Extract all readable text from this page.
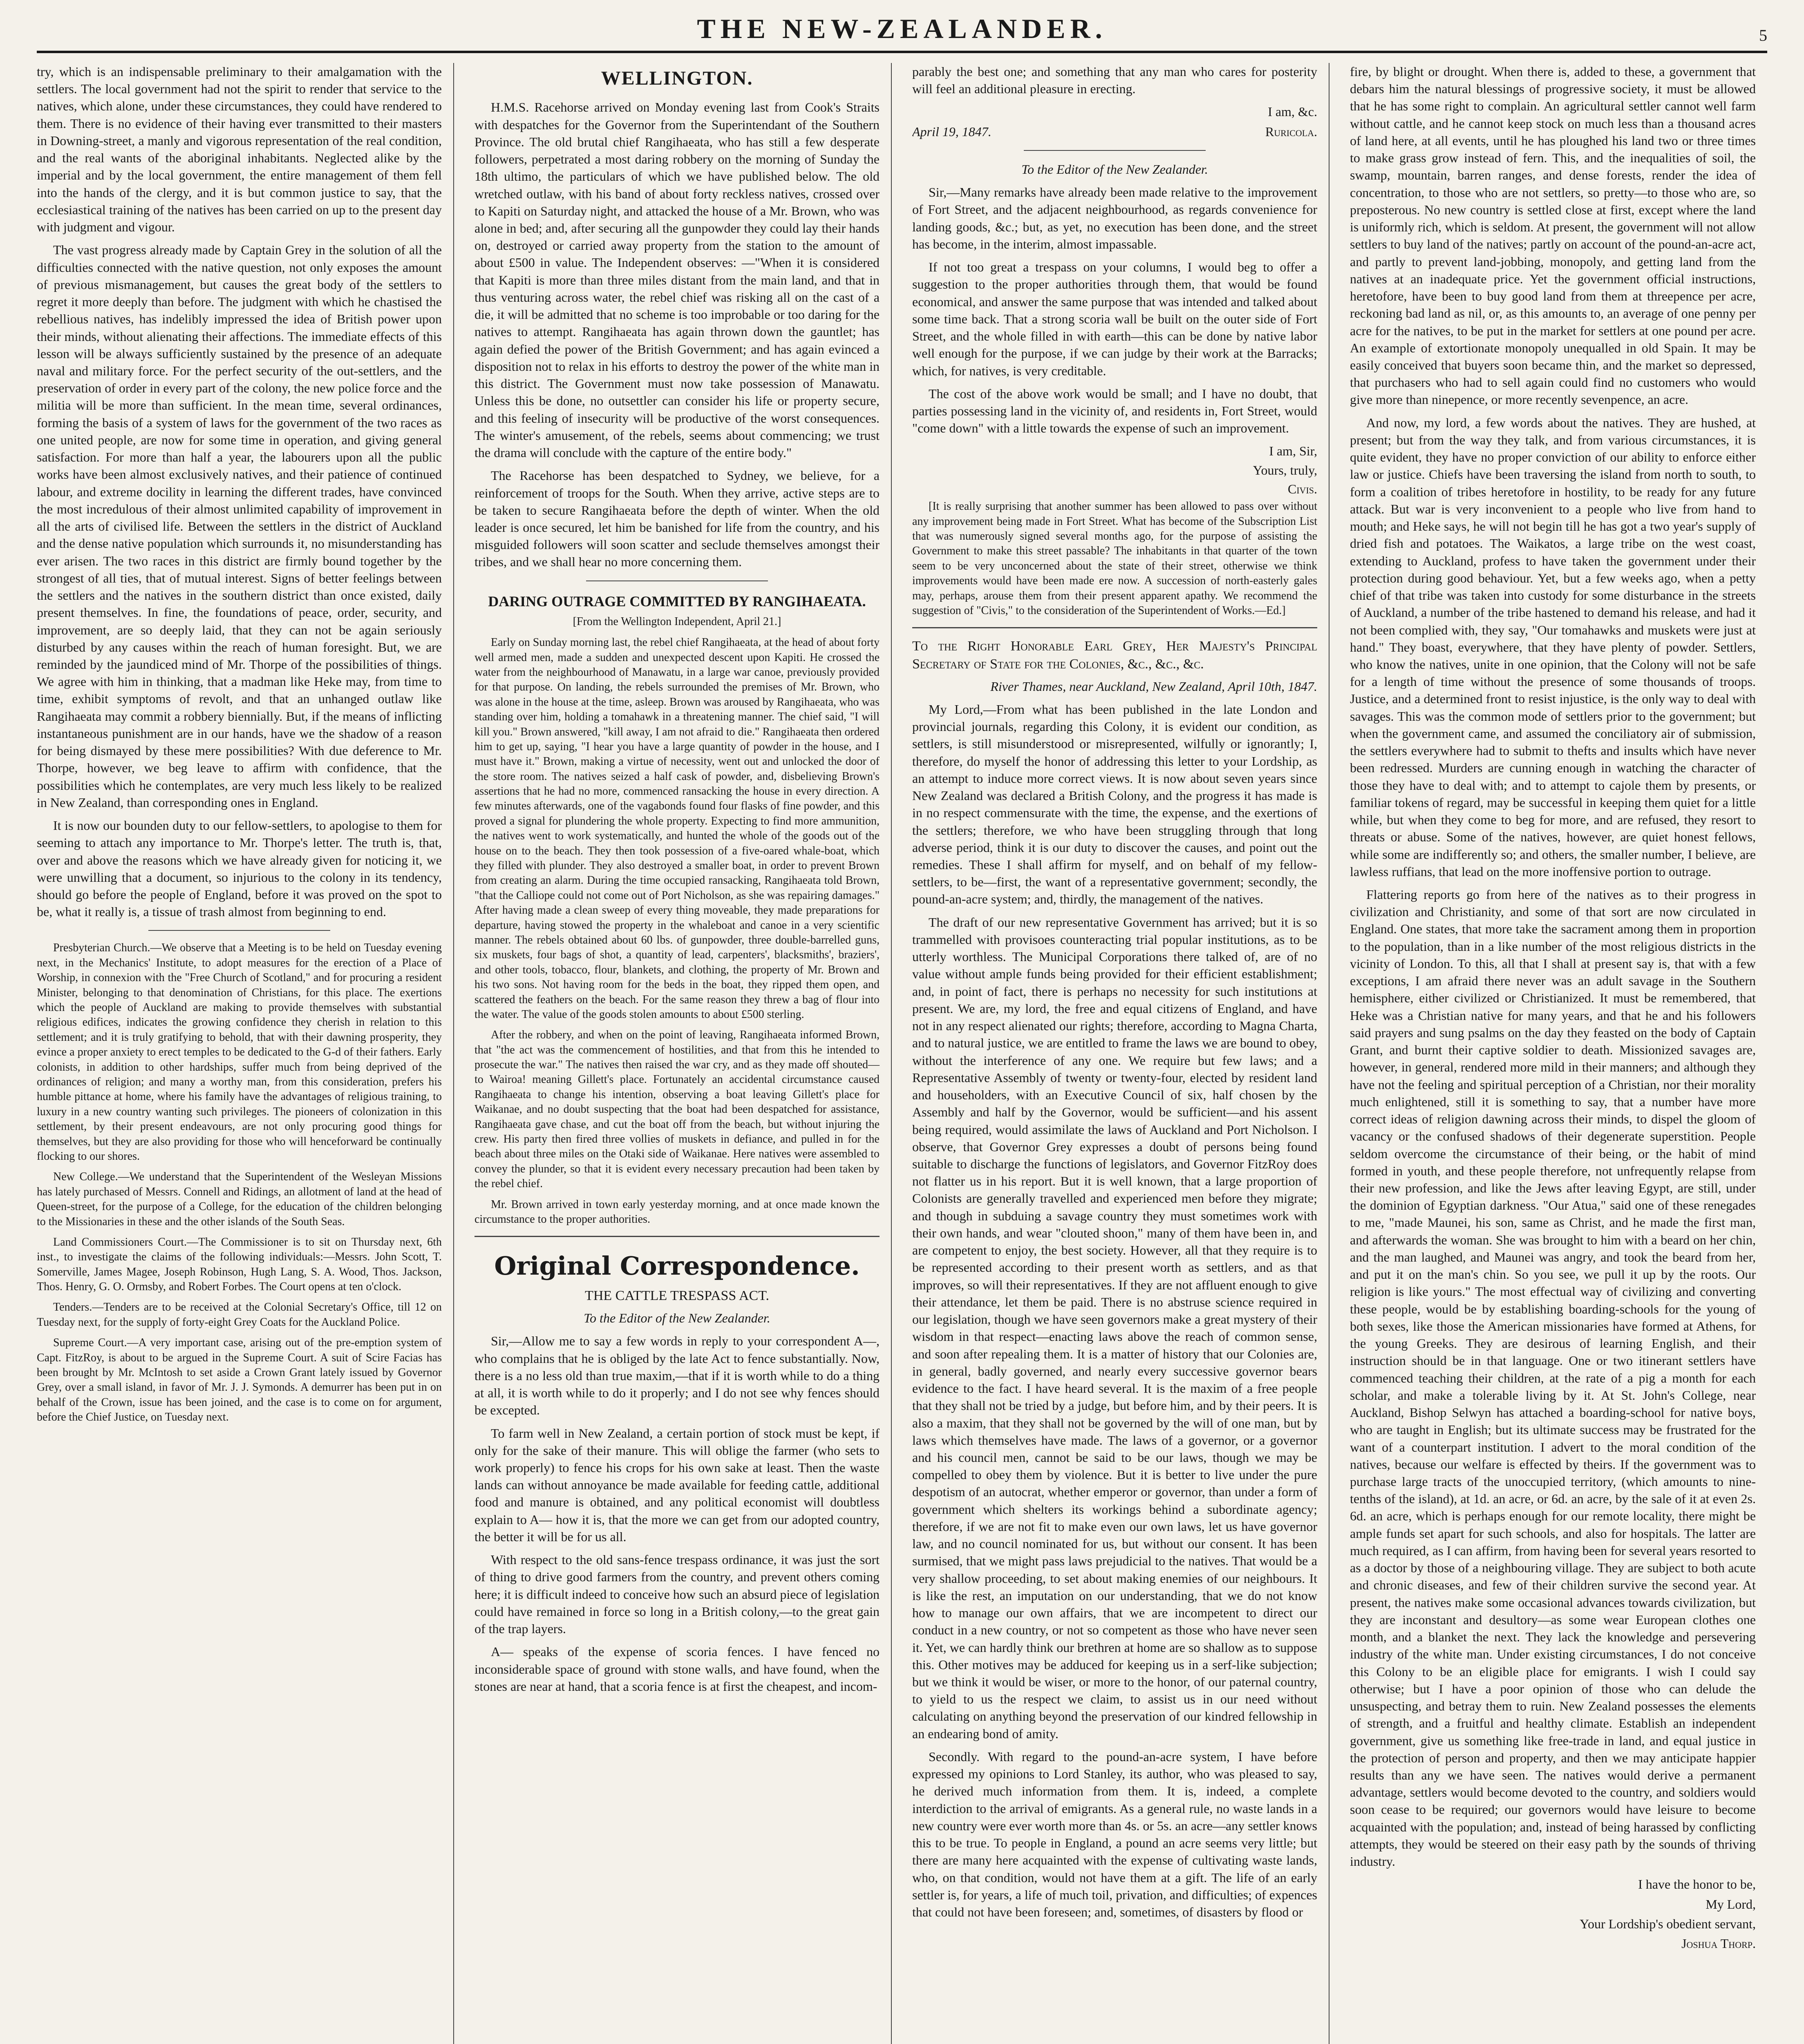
THE NEW-ZEALANDER.	5

try, which is an indispensable preliminary to their amalgamation with the settlers. The local government had not the spirit to render that service to the natives, which alone, under these circumstances, they could have rendered to them. There is no evidence of their having ever transmitted to their masters in Downing-street, a manly and vigorous representation of the real condition, and the real wants of the aboriginal inhabitants. Neglected alike by the imperial and by the local government, the entire management of them fell into the hands of the clergy, and it is but common justice to say, that the ecclesiastical training of the natives has been carried on up to the present day with judgment and vigour.

The vast progress already made by Captain Grey in the solution of all the difficulties connected with the native question, not only exposes the amount of previous mismanagement, but causes the great body of the settlers to regret it more deeply than before. The judgment with which he chastised the rebellious natives, has indelibly impressed the idea of British power upon their minds, without alienating their affections. The immediate effects of this lesson will be always sufficiently sustained by the presence of an adequate naval and military force. For the perfect security of the out-settlers, and the preservation of order in every part of the colony, the new police force and the militia will be more than sufficient. In the mean time, several ordinances, forming the basis of a system of laws for the government of the two races as one united people, are now for some time in operation, and giving general satisfaction. For more than half a year, the labourers upon all the public works have been almost exclusively natives, and their patience of continued labour, and extreme docility in learning the different trades, have convinced the most incredulous of their almost unlimited capability of improvement in all the arts of civilised life. Between the settlers in the district of Auckland and the dense native population which surrounds it, no misunderstanding has ever arisen. The two races in this district are firmly bound together by the strongest of all ties, that of mutual interest. Signs of better feelings between the settlers and the natives in the southern district than once existed, daily present themselves. In fine, the foundations of peace, order, security, and improvement, are so deeply laid, that they can not be again seriously disturbed by any causes within the reach of human foresight. But, we are reminded by the jaundiced mind of Mr. Thorpe of the possibilities of things. We agree with him in thinking, that a madman like Heke may, from time to time, exhibit symptoms of revolt, and that an unhanged outlaw like Rangihaeata may commit a robbery biennially. But, if the means of inflicting instantaneous punishment are in our hands, have we the shadow of a reason for being dismayed by these mere possibilities? With due deference to Mr. Thorpe, however, we beg leave to affirm with confidence, that the possibilities which he contemplates, are very much less likely to be realized in New Zealand, than corresponding ones in England.

It is now our bounden duty to our fellow-settlers, to apologise to them for seeming to attach any importance to Mr. Thorpe's letter. The truth is, that, over and above the reasons which we have already given for noticing it, we were unwilling that a document, so injurious to the colony in its tendency, should go before the people of England, before it was proved on the spot to be, what it really is, a tissue of trash almost from beginning to end.

Presbyterian Church.—We observe that a Meeting is to be held on Tuesday evening next, in the Mechanics' Institute, to adopt measures for the erection of a Place of Worship, in connexion with the "Free Church of Scotland," and for procuring a resident Minister, belonging to that denomination of Christians, for this place. The exertions which the people of Auckland are making to provide themselves with substantial religious edifices, indicates the growing confidence they cherish in relation to this settlement; and it is truly gratifying to behold, that with their dawning prosperity, they evince a proper anxiety to erect temples to be dedicated to the G-d of their fathers. Early colonists, in addition to other hardships, suffer much from being deprived of the ordinances of religion; and many a worthy man, from this consideration, prefers his humble pittance at home, where his family have the advantages of religious training, to luxury in a new country wanting such privileges. The pioneers of colonization in this settlement, by their present endeavours, are not only procuring good things for themselves, but they are also providing for those who will henceforward be continually flocking to our shores.

New College.—We understand that the Superintendent of the Wesleyan Missions has lately purchased of Messrs. Connell and Ridings, an allotment of land at the head of Queen-street, for the purpose of a College, for the education of the children belonging to the Missionaries in these and the other islands of the South Seas.

Land Commissioners Court.—The Commissioner is to sit on Thursday next, 6th inst., to investigate the claims of the following individuals:—Messrs. John Scott, T. Somerville, James Magee, Joseph Robinson, Hugh Lang, S. A. Wood, Thos. Jackson, Thos. Henry, G. O. Ormsby, and Robert Forbes. The Court opens at ten o'clock.

Tenders.—Tenders are to be received at the Colonial Secretary's Office, till 12 on Tuesday next, for the supply of forty-eight Grey Coats for the Auckland Police.

Supreme Court.—A very important case, arising out of the pre-emption system of Capt. FitzRoy, is about to be argued in the Supreme Court. A suit of Scire Facias has been brought by Mr. McIntosh to set aside a Crown Grant lately issued by Governor Grey, over a small island, in favor of Mr. J. J. Symonds. A demurrer has been put in on behalf of the Crown, issue has been joined, and the case is to come on for argument, before the Chief Justice, on Tuesday next.

WELLINGTON.

H.M.S. Racehorse arrived on Monday evening last from Cook's Straits with despatches for the Governor from the Superintendant of the Southern Province. The old brutal chief Rangihaeata, who has still a few desperate followers, perpetrated a most daring robbery on the morning of Sunday the 18th ultimo, the particulars of which we have published below. The old wretched outlaw, with his band of about forty reckless natives, crossed over to Kapiti on Saturday night, and attacked the house of a Mr. Brown, who was alone in bed; and, after securing all the gunpowder they could lay their hands on, destroyed or carried away property from the station to the amount of about £500 in value. The Independent observes: —"When it is considered that Kapiti is more than three miles distant from the main land, and that in thus venturing across water, the rebel chief was risking all on the cast of a die, it will be admitted that no scheme is too improbable or too daring for the natives to attempt. Rangihaeata has again thrown down the gauntlet; has again defied the power of the British Government; and has again evinced a disposition not to relax in his efforts to destroy the power of the white man in this district. The Government must now take possession of Manawatu. Unless this be done, no outsettler can consider his life or property secure, and this feeling of insecurity will be productive of the worst consequences. The winter's amusement, of the rebels, seems about commencing; we trust the drama will conclude with the capture of the entire body."

The Racehorse has been despatched to Sydney, we believe, for a reinforcement of troops for the South. When they arrive, active steps are to be taken to secure Rangihaeata before the depth of winter. When the old leader is once secured, let him be banished for life from the country, and his misguided followers will soon scatter and seclude themselves amongst their tribes, and we shall hear no more concerning them.

DARING OUTRAGE COMMITTED BY RANGIHAEATA.
[From the Wellington Independent, April 21.]

Early on Sunday morning last, the rebel chief Rangihaeata, at the head of about forty well armed men, made a sudden and unexpected descent upon Kapiti. He crossed the water from the neighbourhood of Manawatu, in a large war canoe, previously provided for that purpose. On landing, the rebels surrounded the premises of Mr. Brown, who was alone in the house at the time, asleep. Brown was aroused by Rangihaeata, who was standing over him, holding a tomahawk in a threatening manner. The chief said, "I will kill you." Brown answered, "kill away, I am not afraid to die." Rangihaeata then ordered him to get up, saying, "I hear you have a large quantity of powder in the house, and I must have it." Brown, making a virtue of necessity, went out and unlocked the door of the store room. The natives seized a half cask of powder, and, disbelieving Brown's assertions that he had no more, commenced ransacking the house in every direction. A few minutes afterwards, one of the vagabonds found four flasks of fine powder, and this proved a signal for plundering the whole property. Expecting to find more ammunition, the natives went to work systematically, and hunted the whole of the goods out of the house on to the beach. They then took possession of a five-oared whale-boat, which they filled with plunder. They also destroyed a smaller boat, in order to prevent Brown from creating an alarm. During the time occupied ransacking, Rangihaeata told Brown, "that the Calliope could not come out of Port Nicholson, as she was repairing damages." After having made a clean sweep of every thing moveable, they made preparations for departure, having stowed the property in the whaleboat and canoe in a very scientific manner. The rebels obtained about 60 lbs. of gunpowder, three double-barrelled guns, six muskets, four bags of shot, a quantity of lead, carpenters', blacksmiths', braziers', and other tools, tobacco, flour, blankets, and clothing, the property of Mr. Brown and his two sons. Not having room for the beds in the boat, they ripped them open, and scattered the feathers on the beach. For the same reason they threw a bag of flour into the water. The value of the goods stolen amounts to about £500 sterling.

After the robbery, and when on the point of leaving, Rangihaeata informed Brown, that "the act was the commencement of hostilities, and that from this he intended to prosecute the war." The natives then raised the war cry, and as they made off shouted—to Wairoa! meaning Gillett's place. Fortunately an accidental circumstance caused Rangihaeata to change his intention, observing a boat leaving Gillett's place for Waikanae, and no doubt suspecting that the boat had been despatched for assistance, Rangihaeata gave chase, and cut the boat off from the beach, but without injuring the crew. His party then fired three vollies of muskets in defiance, and pulled in for the beach about three miles on the Otaki side of Waikanae. Here natives were assembled to convey the plunder, so that it is evident every necessary precaution had been taken by the rebel chief.

Mr. Brown arrived in town early yesterday morning, and at once made known the circumstance to the proper authorities.

Original Correspondence.
THE CATTLE TRESPASS ACT.
To the Editor of the New Zealander.

Sir,—Allow me to say a few words in reply to your correspondent A—, who complains that he is obliged by the late Act to fence substantially. Now, there is a no less old than true maxim,—that if it is worth while to do a thing at all, it is worth while to do it properly; and I do not see why fences should be excepted.

To farm well in New Zealand, a certain portion of stock must be kept, if only for the sake of their manure. This will oblige the farmer (who sets to work properly) to fence his crops for his own sake at least. Then the waste lands can without annoyance be made available for feeding cattle, additional food and manure is obtained, and any political economist will doubtless explain to A— how it is, that the more we can get from our adopted country, the better it will be for us all.

With respect to the old sans-fence trespass ordinance, it was just the sort of thing to drive good farmers from the country, and prevent others coming here; it is difficult indeed to conceive how such an absurd piece of legislation could have remained in force so long in a British colony,—to the great gain of the trap layers.

A— speaks of the expense of scoria fences. I have fenced no inconsiderable space of ground with stone walls, and have found, when the stones are near at hand, that a scoria fence is at first the cheapest, and incom-

parably the best one; and something that any man who cares for posterity will feel an additional pleasure in erecting.

I am, &c.
April 19, 1847.	Ruricola.
To the Editor of the New Zealander.

Sir,—Many remarks have already been made relative to the improvement of Fort Street, and the adjacent neighbourhood, as regards convenience for landing goods, &c.; but, as yet, no execution has been done, and the street has become, in the interim, almost impassable.

If not too great a trespass on your columns, I would beg to offer a suggestion to the proper authorities through them, that would be found economical, and answer the same purpose that was intended and talked about some time back. That a strong scoria wall be built on the outer side of Fort Street, and the whole filled in with earth—this can be done by native labor well enough for the purpose, if we can judge by their work at the Barracks; which, for natives, is very creditable.

The cost of the above work would be small; and I have no doubt, that parties possessing land in the vicinity of, and residents in, Fort Street, would "come down" with a little towards the expense of such an improvement.

I am, Sir,
Yours, truly,
Civis.

[It is really surprising that another summer has been allowed to pass over without any improvement being made in Fort Street. What has become of the Subscription List that was numerously signed several months ago, for the purpose of assisting the Government to make this street passable? The inhabitants in that quarter of the town seem to be very unconcerned about the state of their street, otherwise we think improvements would have been made ere now. A succession of north-easterly gales may, perhaps, arouse them from their present apparent apathy. We recommend the suggestion of "Civis," to the consideration of the Superintendent of Works.—Ed.]

To the Right Honorable Earl Grey, Her Majesty's Principal Secretary of State for the Colonies, &c., &c., &c.

River Thames, near Auckland, New Zealand, April 10th, 1847.

My Lord,—From what has been published in the late London and provincial journals, regarding this Colony, it is evident our condition, as settlers, is still misunderstood or misrepresented, wilfully or ignorantly; I, therefore, do myself the honor of addressing this letter to your Lordship, as an attempt to induce more correct views. It is now about seven years since New Zealand was declared a British Colony, and the progress it has made is in no respect commensurate with the time, the expense, and the exertions of the settlers; therefore, we who have been struggling through that long adverse period, think it is our duty to discover the causes, and point out the remedies. These I shall affirm for myself, and on behalf of my fellow-settlers, to be—first, the want of a representative government; secondly, the pound-an-acre system; and, thirdly, the management of the natives.

The draft of our new representative Government has arrived; but it is so trammelled with provisoes counteracting trial popular institutions, as to be utterly worthless. The Municipal Corporations there talked of, are of no value without ample funds being provided for their efficient establishment; and, in point of fact, there is perhaps no necessity for such institutions at present. We are, my lord, the free and equal citizens of England, and have not in any respect alienated our rights; therefore, according to Magna Charta, and to natural justice, we are entitled to frame the laws we are bound to obey, without the interference of any one. We require but few laws; and a Representative Assembly of twenty or twenty-four, elected by resident land and householders, with an Executive Council of six, half chosen by the Assembly and half by the Governor, would be sufficient—and his assent being required, would assimilate the laws of Auckland and Port Nicholson. I observe, that Governor Grey expresses a doubt of persons being found suitable to discharge the functions of legislators, and Governor FitzRoy does not flatter us in his report. But it is well known, that a large proportion of Colonists are generally travelled and experienced men before they migrate; and though in subduing a savage country they must sometimes work with their own hands, and wear "clouted shoon," many of them have been in, and are competent to enjoy, the best society. However, all that they require is to be represented according to their present worth as settlers, and as that improves, so will their representatives. If they are not affluent enough to give their attendance, let them be paid. There is no abstruse science required in our legislation, though we have seen governors make a great mystery of their wisdom in that respect—enacting laws above the reach of common sense, and soon after repealing them. It is a matter of history that our Colonies are, in general, badly governed, and nearly every successive governor bears evidence to the fact. I have heard several. It is the maxim of a free people that they shall not be tried by a judge, but before him, and by their peers. It is also a maxim, that they shall not be governed by the will of one man, but by laws which themselves have made. The laws of a governor, or a governor and his council men, cannot be said to be our laws, though we may be compelled to obey them by violence. But it is better to live under the pure despotism of an autocrat, whether emperor or governor, than under a form of government which shelters its workings behind a subordinate agency; therefore, if we are not fit to make even our own laws, let us have governor law, and no council nominated for us, but without our consent. It has been surmised, that we might pass laws prejudicial to the natives. That would be a very shallow proceeding, to set about making enemies of our neighbours. It is like the rest, an imputation on our understanding, that we do not know how to manage our own affairs, that we are incompetent to direct our conduct in a new country, or not so competent as those who have never seen it. Yet, we can hardly think our brethren at home are so shallow as to suppose this. Other motives may be adduced for keeping us in a serf-like subjection; but we think it would be wiser, or more to the honor, of our paternal country, to yield to us the respect we claim, to assist us in our need without calculating on anything beyond the preservation of our kindred fellowship in an endearing bond of amity.

Secondly. With regard to the pound-an-acre system, I have before expressed my opinions to Lord Stanley, its author, who was pleased to say, he derived much information from them. It is, indeed, a complete interdiction to the arrival of emigrants. As a general rule, no waste lands in a new country were ever worth more than 4s. or 5s. an acre—any settler knows this to be true. To people in England, a pound an acre seems very little; but there are many here acquainted with the expense of cultivating waste lands, who, on that condition, would not have them at a gift. The life of an early settler is, for years, a life of much toil, privation, and difficulties; of expences that could not have been foreseen; and, sometimes, of disasters by flood or

fire, by blight or drought. When there is, added to these, a government that debars him the natural blessings of progressive society, it must be allowed that he has some right to complain. An agricultural settler cannot well farm without cattle, and he cannot keep stock on much less than a thousand acres of land here, at all events, until he has ploughed his land two or three times to make grass grow instead of fern. This, and the inequalities of soil, the swamp, mountain, barren ranges, and dense forests, render the idea of concentration, to those who are not settlers, so pretty—to those who are, so preposterous. No new country is settled close at first, except where the land is uniformly rich, which is seldom. At present, the government will not allow settlers to buy land of the natives; partly on account of the pound-an-acre act, and partly to prevent land-jobbing, monopoly, and getting land from the natives at an inadequate price. Yet the government official instructions, heretofore, have been to buy good land from them at threepence per acre, reckoning bad land as nil, or, as this amounts to, an average of one penny per acre for the natives, to be put in the market for settlers at one pound per acre. An example of extortionate monopoly unequalled in old Spain. It may be easily conceived that buyers soon became thin, and the market so depressed, that purchasers who had to sell again could find no customers who would give more than ninepence, or more recently sevenpence, an acre.

And now, my lord, a few words about the natives. They are hushed, at present; but from the way they talk, and from various circumstances, it is quite evident, they have no proper conviction of our ability to enforce either law or justice. Chiefs have been traversing the island from north to south, to form a coalition of tribes heretofore in hostility, to be ready for any future attack. But war is very inconvenient to a people who live from hand to mouth; and Heke says, he will not begin till he has got a two year's supply of dried fish and potatoes. The Waikatos, a large tribe on the west coast, extending to Auckland, profess to have taken the government under their protection during good behaviour. Yet, but a few weeks ago, when a petty chief of that tribe was taken into custody for some disturbance in the streets of Auckland, a number of the tribe hastened to demand his release, and had it not been complied with, they say, "Our tomahawks and muskets were just at hand." They boast, everywhere, that they have plenty of powder. Settlers, who know the natives, unite in one opinion, that the Colony will not be safe for a length of time without the presence of some thousands of troops. Justice, and a determined front to resist injustice, is the only way to deal with savages. This was the common mode of settlers prior to the government; but when the government came, and assumed the conciliatory air of submission, the settlers everywhere had to submit to thefts and insults which have never been redressed. Murders are cunning enough in watching the character of those they have to deal with; and to attempt to cajole them by presents, or familiar tokens of regard, may be successful in keeping them quiet for a little while, but when they come to beg for more, and are refused, they resort to threats or abuse. Some of the natives, however, are quiet honest fellows, while some are indifferently so; and others, the smaller number, I believe, are lawless ruffians, that lead on the more inoffensive portion to outrage.

Flattering reports go from here of the natives as to their progress in civilization and Christianity, and some of that sort are now circulated in England. One states, that more take the sacrament among them in proportion to the population, than in a like number of the most religious districts in the vicinity of London. To this, all that I shall at present say is, that with a few exceptions, I am afraid there never was an adult savage in the Southern hemisphere, either civilized or Christianized. It must be remembered, that Heke was a Christian native for many years, and that he and his followers said prayers and sung psalms on the day they feasted on the body of Captain Grant, and burnt their captive soldier to death. Missionized savages are, however, in general, rendered more mild in their manners; and although they have not the feeling and spiritual perception of a Christian, nor their morality much enlightened, still it is something to say, that a number have more correct ideas of religion dawning across their minds, to dispel the gloom of vacancy or the confused shadows of their degenerate superstition. People seldom overcome the circumstance of their being, or the habit of mind formed in youth, and these people therefore, not unfrequently relapse from their new profession, and like the Jews after leaving Egypt, are still, under the dominion of Egyptian darkness. "Our Atua," said one of these renegades to me, "made Maunei, his son, same as Christ, and he made the first man, and afterwards the woman. She was brought to him with a beard on her chin, and the man laughed, and Maunei was angry, and took the beard from her, and put it on the man's chin. So you see, we pull it up by the roots. Our religion is like yours." The most effectual way of civilizing and converting these people, would be by establishing boarding-schools for the young of both sexes, like those the American missionaries have formed at Athens, for the young Greeks. They are desirous of learning English, and their instruction should be in that language. One or two itinerant settlers have commenced teaching their children, at the rate of a pig a month for each scholar, and make a tolerable living by it. At St. John's College, near Auckland, Bishop Selwyn has attached a boarding-school for native boys, who are taught in English; but its ultimate success may be frustrated for the want of a counterpart institution. I advert to the moral condition of the natives, because our welfare is effected by theirs. If the government was to purchase large tracts of the unoccupied territory, (which amounts to nine-tenths of the island), at 1d. an acre, or 6d. an acre, by the sale of it at even 2s. 6d. an acre, which is perhaps enough for our remote locality, there might be ample funds set apart for such schools, and also for hospitals. The latter are much required, as I can affirm, from having been for several years resorted to as a doctor by those of a neighbouring village. They are subject to both acute and chronic diseases, and few of their children survive the second year. At present, the natives make some occasional advances towards civilization, but they are inconstant and desultory—as some wear European clothes one month, and a blanket the next. They lack the knowledge and persevering industry of the white man. Under existing circumstances, I do not conceive this Colony to be an eligible place for emigrants. I wish I could say otherwise; but I have a poor opinion of those who can delude the unsuspecting, and betray them to ruin. New Zealand possesses the elements of strength, and a fruitful and healthy climate. Establish an independent government, give us something like free-trade in land, and equal justice in the protection of person and property, and then we may anticipate happier results than any we have seen. The natives would derive a permanent advantage, settlers would become devoted to the country, and soldiers would soon cease to be required; our governors would have leisure to become acquainted with the population; and, instead of being harassed by conflicting attempts, they would be steered on their easy path by the sounds of thriving industry.

I have the honor to be,
My Lord,
Your Lordship's obedient servant,
Joshua Thorp.
